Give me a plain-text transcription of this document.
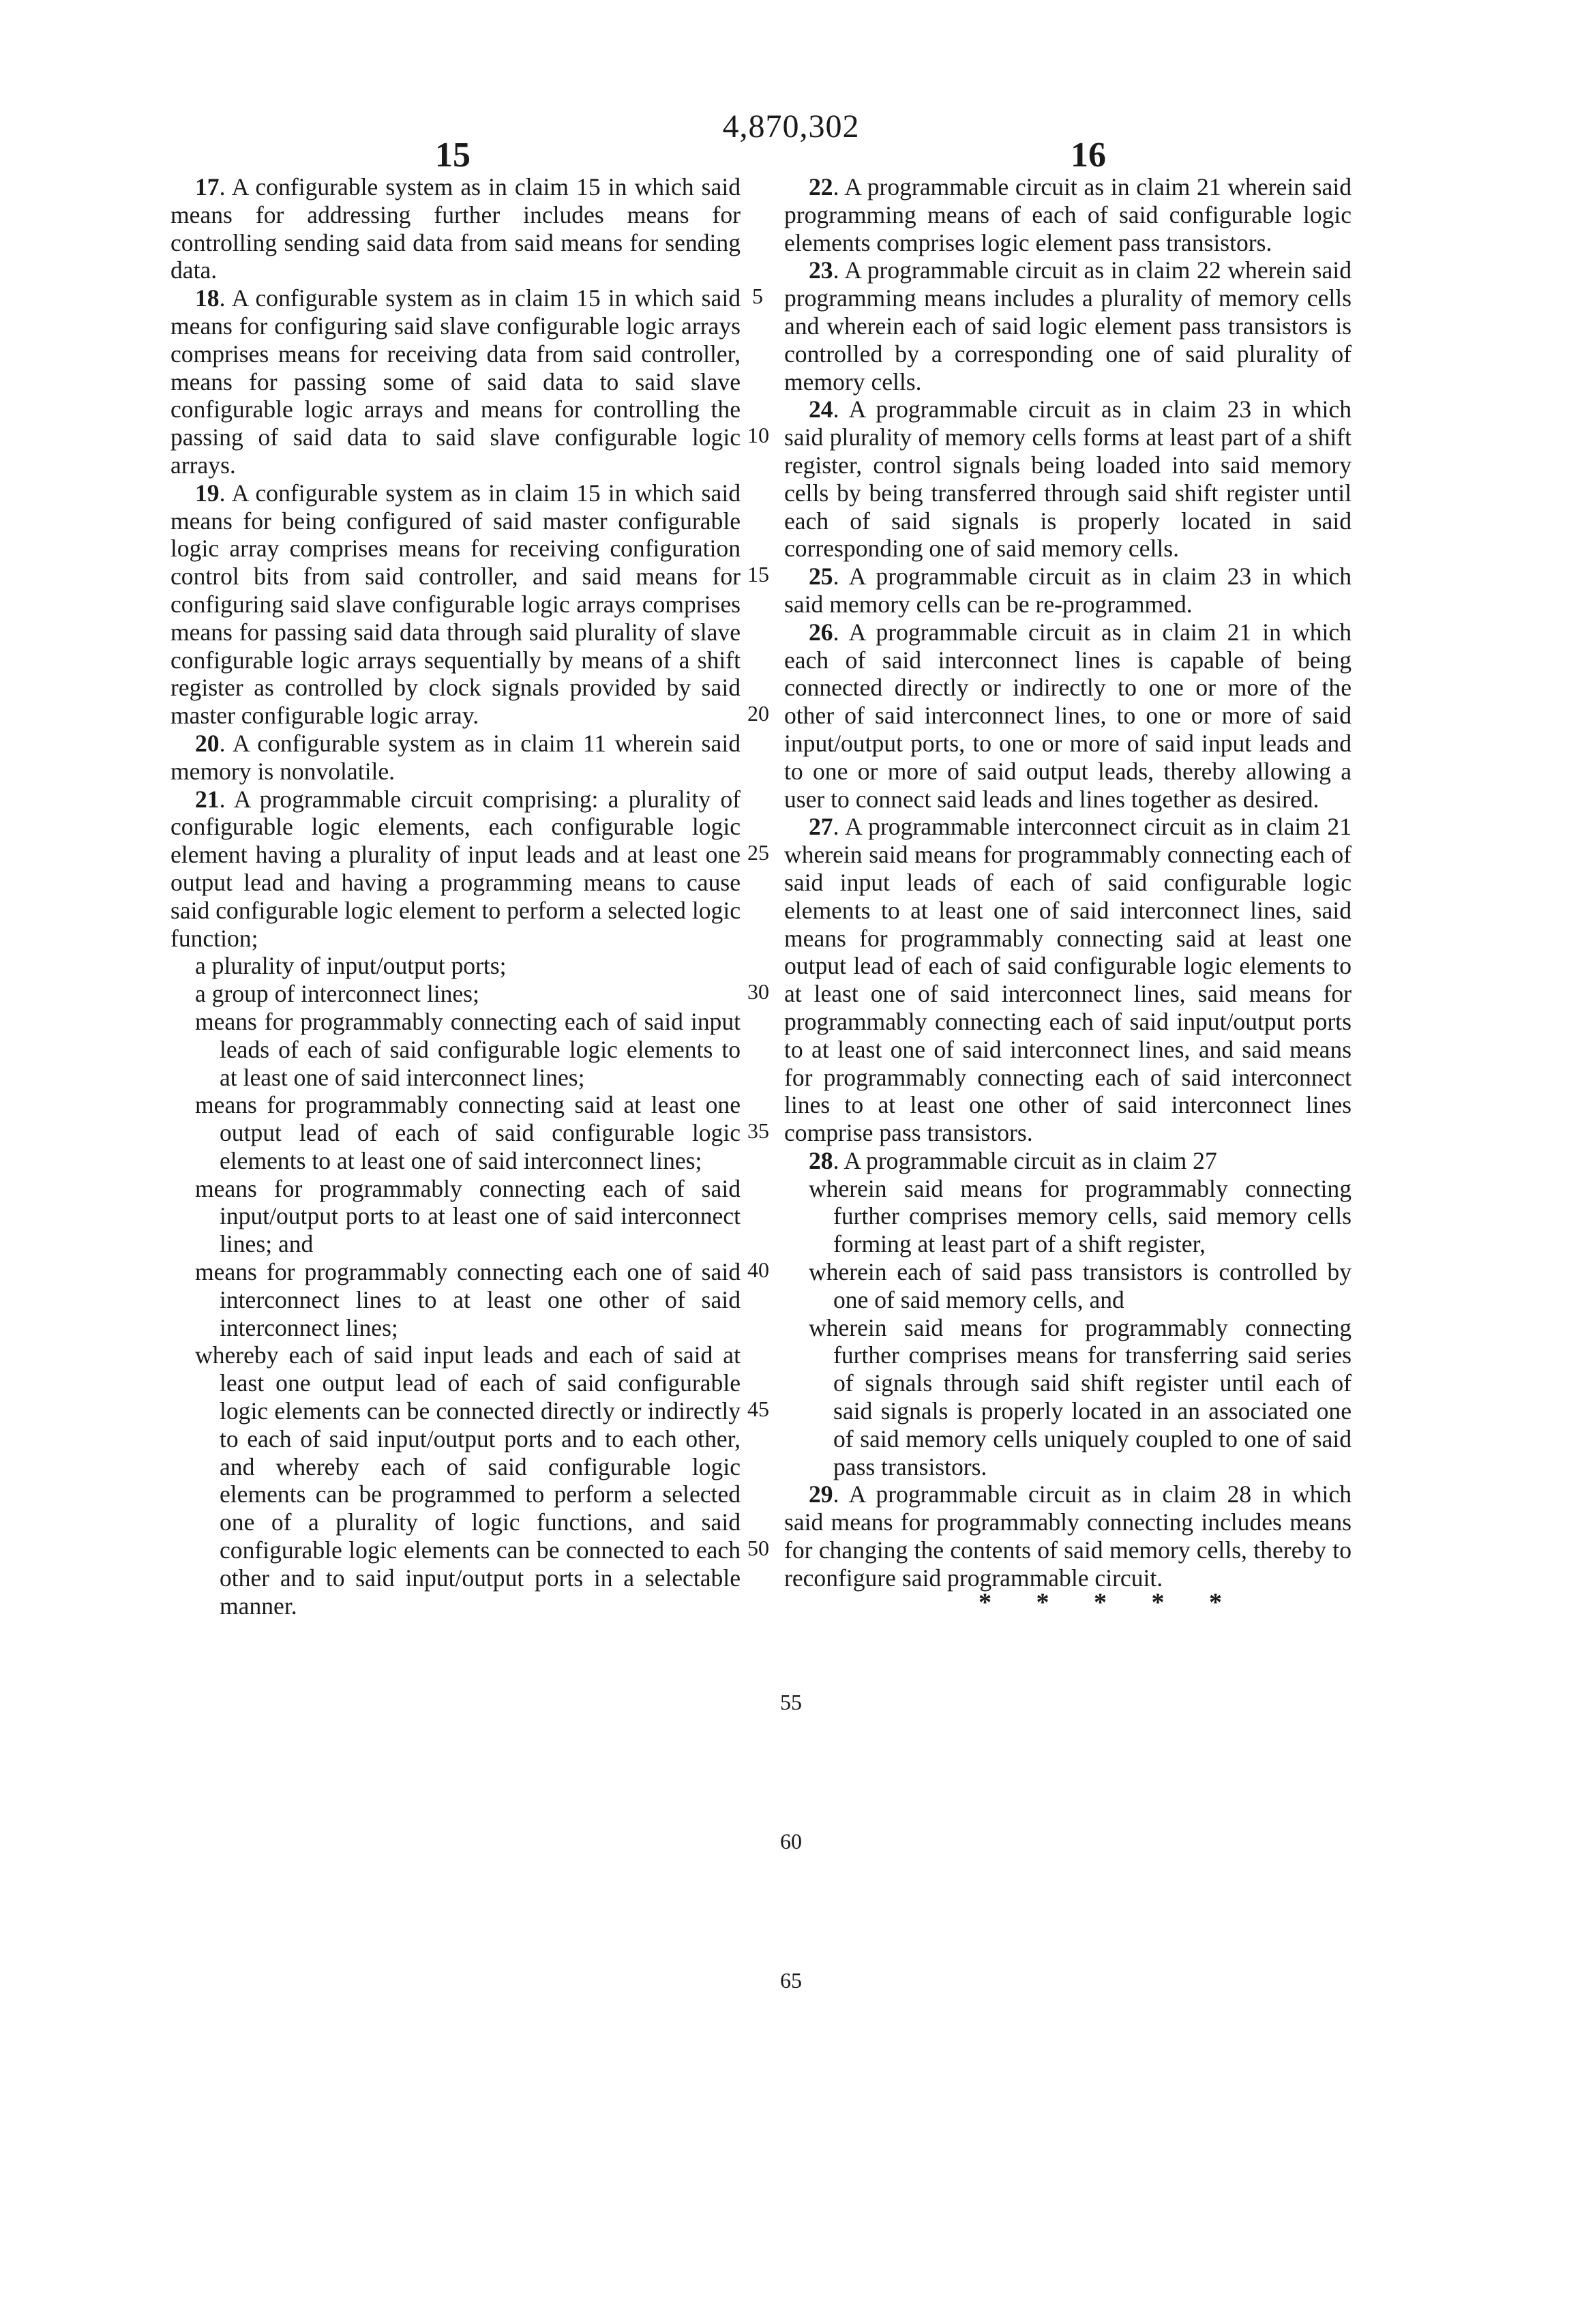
4,870,302
15	16

17. A configurable system as in claim 15 in which said means for addressing further includes means for controlling sending said data from said means for sending data.

18. A configurable system as in claim 15 in which said means for configuring said slave configurable logic arrays comprises means for receiving data from said controller, means for passing some of said data to said slave configurable logic arrays and means for controlling the passing of said data to said slave configurable logic arrays.

19. A configurable system as in claim 15 in which said means for being configured of said master configurable logic array comprises means for receiving configuration control bits from said controller, and said means for configuring said slave configurable logic arrays comprises means for passing said data through said plurality of slave configurable logic arrays sequentially by means of a shift register as controlled by clock signals provided by said master configurable logic array.

20. A configurable system as in claim 11 wherein said memory is nonvolatile.

21. A programmable circuit comprising: a plurality of configurable logic elements, each configurable logic element having a plurality of input leads and at least one output lead and having a programming means to cause said configurable logic element to perform a selected logic function;

a plurality of input/output ports;

a group of interconnect lines;

means for programmably connecting each of said input leads of each of said configurable logic elements to at least one of said interconnect lines;

means for programmably connecting said at least one output lead of each of said configurable logic elements to at least one of said interconnect lines;

means for programmably connecting each of said input/output ports to at least one of said interconnect lines; and

means for programmably connecting each one of said interconnect lines to at least one other of said interconnect lines;

whereby each of said input leads and each of said at least one output lead of each of said configurable logic elements can be connected directly or indirectly to each of said input/output ports and to each other, and whereby each of said configurable logic elements can be programmed to perform a selected one of a plurality of logic functions, and said configurable logic elements can be connected to each other and to said input/output ports in a selectable manner.

22. A programmable circuit as in claim 21 wherein said programming means of each of said configurable logic elements comprises logic element pass transistors.

23. A programmable circuit as in claim 22 wherein said programming means includes a plurality of memory cells and wherein each of said logic element pass transistors is controlled by a corresponding one of said plurality of memory cells.

24. A programmable circuit as in claim 23 in which said plurality of memory cells forms at least part of a shift register, control signals being loaded into said memory cells by being transferred through said shift register until each of said signals is properly located in said corresponding one of said memory cells.

25. A programmable circuit as in claim 23 in which said memory cells can be re-programmed.

26. A programmable circuit as in claim 21 in which each of said interconnect lines is capable of being connected directly or indirectly to one or more of the other of said interconnect lines, to one or more of said input/output ports, to one or more of said input leads and to one or more of said output leads, thereby allowing a user to connect said leads and lines together as desired.

27. A programmable interconnect circuit as in claim 21 wherein said means for programmably connecting each of said input leads of each of said configurable logic elements to at least one of said interconnect lines, said means for programmably connecting said at least one output lead of each of said configurable logic elements to at least one of said interconnect lines, said means for programmably connecting each of said input/output ports to at least one of said interconnect lines, and said means for programmably connecting each of said interconnect lines to at least one other of said interconnect lines comprise pass transistors.

28. A programmable circuit as in claim 27

wherein said means for programmably connecting further comprises memory cells, said memory cells forming at least part of a shift register,

wherein each of said pass transistors is controlled by one of said memory cells, and

wherein said means for programmably connecting further comprises means for transferring said series of signals through said shift register until each of said signals is properly located in an associated one of said memory cells uniquely coupled to one of said pass transistors.

29. A programmable circuit as in claim 28 in which said means for programmably connecting includes means for changing the contents of said memory cells, thereby to reconfigure said programmable circuit.

* * * * *
5
10
15
20
25
30
35
40
45
50
55
60
65
